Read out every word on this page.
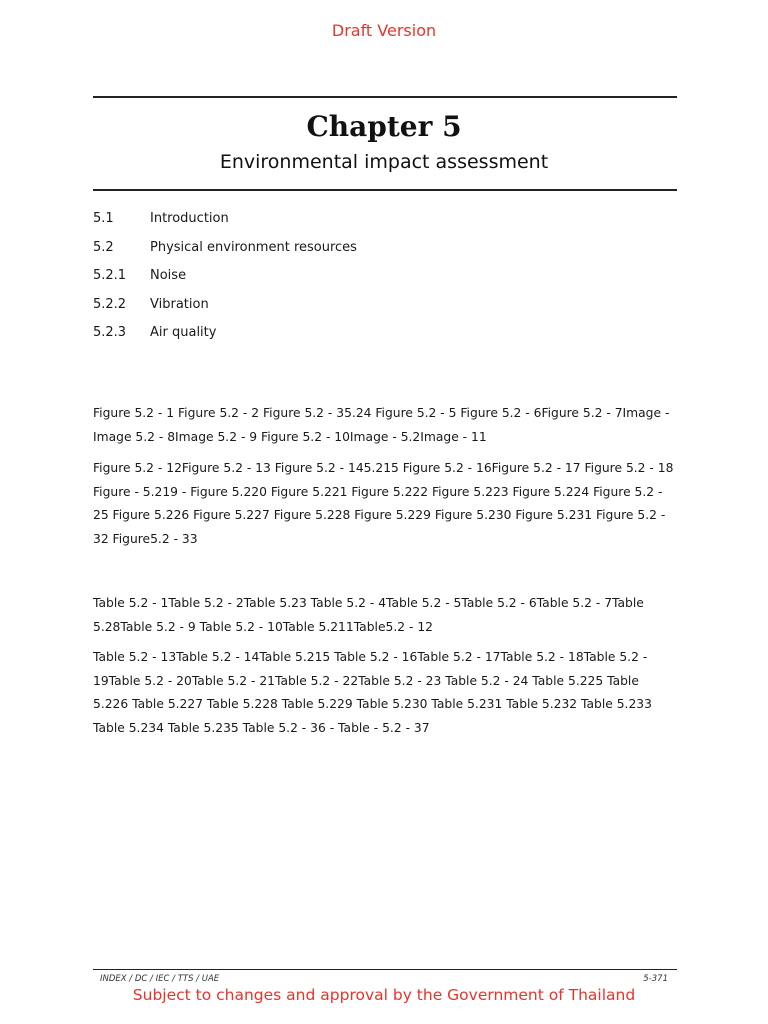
Draft Version
Chapter 5
Environmental impact assessment
5.1	Introduction
5.2	Physical environment resources
5.2.1	Noise
5.2.2	Vibration
5.2.3	Air quality
Figure 5.2 - 1 Figure 5.2 - 2 Figure 5.2 - 35.24 Figure 5.2 - 5 Figure 5.2 - 6Figure 5.2 - 7Image - Image 5.2 - 8Image 5.2 - 9 Figure 5.2 - 10Image - 5.2Image - 11
Figure 5.2 - 12Figure 5.2 - 13 Figure 5.2 - 145.215 Figure 5.2 - 16Figure 5.2 - 17 Figure 5.2 - 18 Figure - 5.219 - Figure 5.220 Figure 5.221 Figure 5.222 Figure 5.223 Figure 5.224 Figure 5.2 - 25 Figure 5.226 Figure 5.227 Figure 5.228 Figure 5.229 Figure 5.230 Figure 5.231 Figure 5.2 - 32 Figure5.2 - 33
Table 5.2 - 1Table 5.2 - 2Table 5.23 Table 5.2 - 4Table 5.2 - 5Table 5.2 - 6Table 5.2 - 7Table 5.28Table 5.2 - 9 Table 5.2 - 10Table 5.211Table5.2 - 12
Table 5.2 - 13Table 5.2 - 14Table 5.215 Table 5.2 - 16Table 5.2 - 17Table 5.2 - 18Table 5.2 - 19Table 5.2 - 20Table 5.2 - 21Table 5.2 - 22Table 5.2 - 23 Table 5.2 - 24 Table 5.225 Table 5.226 Table 5.227 Table 5.228 Table 5.229 Table 5.230 Table 5.231 Table 5.232 Table 5.233 Table 5.234 Table 5.235 Table 5.2 - 36 - Table - 5.2 - 37
INDEX / DC / IEC / TTS / UAE	5-371
Subject to changes and approval by the Government of Thailand
